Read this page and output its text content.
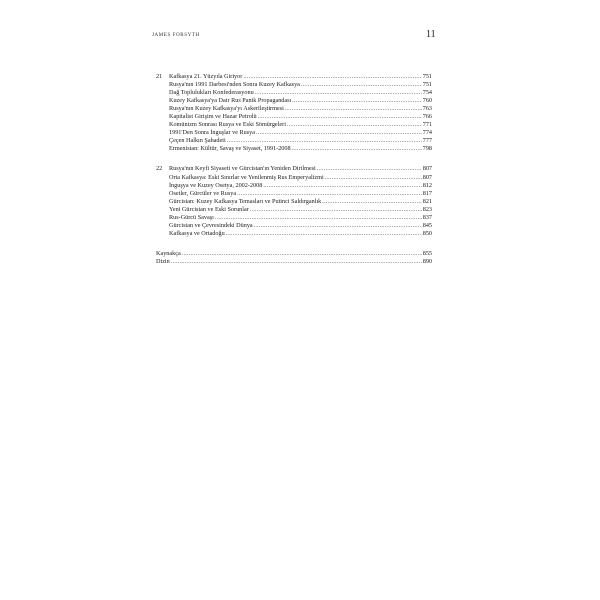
JAMES FORSYTH	11
21	Kafkasya 21. Yüzyıla Giriyor .....	751
Rusya'nın 1991 Darbesi'nden Sonra Kuzey Kafkasya .....	751
Dağ Toplulukları Konfederasyonu .....	754
Kuzey Kafkasya'ya Dair Rus Panik Propagandası .....	760
Rusya'nın Kuzey Kafkasya'yı Askerileştirmesi .....	763
Kapitalist Girişim ve Hazar Petrolü .....	766
Komünizm Sonrası Rusya ve Eski Sömürgeleri .....	771
1991'Den Sonra İnguşlar ve Rusya .....	774
Çeçen Halkın Şahadeti .....	777
Ermenistan: Kültür, Savaş ve Siyaset, 1991-2008 .....	798
22	Rusya'nın Keyfi Siyaseti ve Gürcistan'ın Yeniden Dirilmesi .....	807
Orta Kafkasya: Eski Sınırlar ve Yenilenmiş Rus Emperyalizmi .....	807
İnguşya ve Kuzey Osetya, 2002-2008 .....	812
Osetler, Gürcüler ve Rusya .....	817
Gürcistan: Kuzey Kafkasya Temasları ve Putinci Saldırganlık .....	821
Yeni Gürcistan ve Eski Sorunlar .....	823
Rus-Gürcü Savaşı .....	837
Gürcistan ve Çevresindeki Dünya .....	845
Kafkasya ve Ortadoğu .....	850
Kaynakça .....	855
Dizin .....	890
